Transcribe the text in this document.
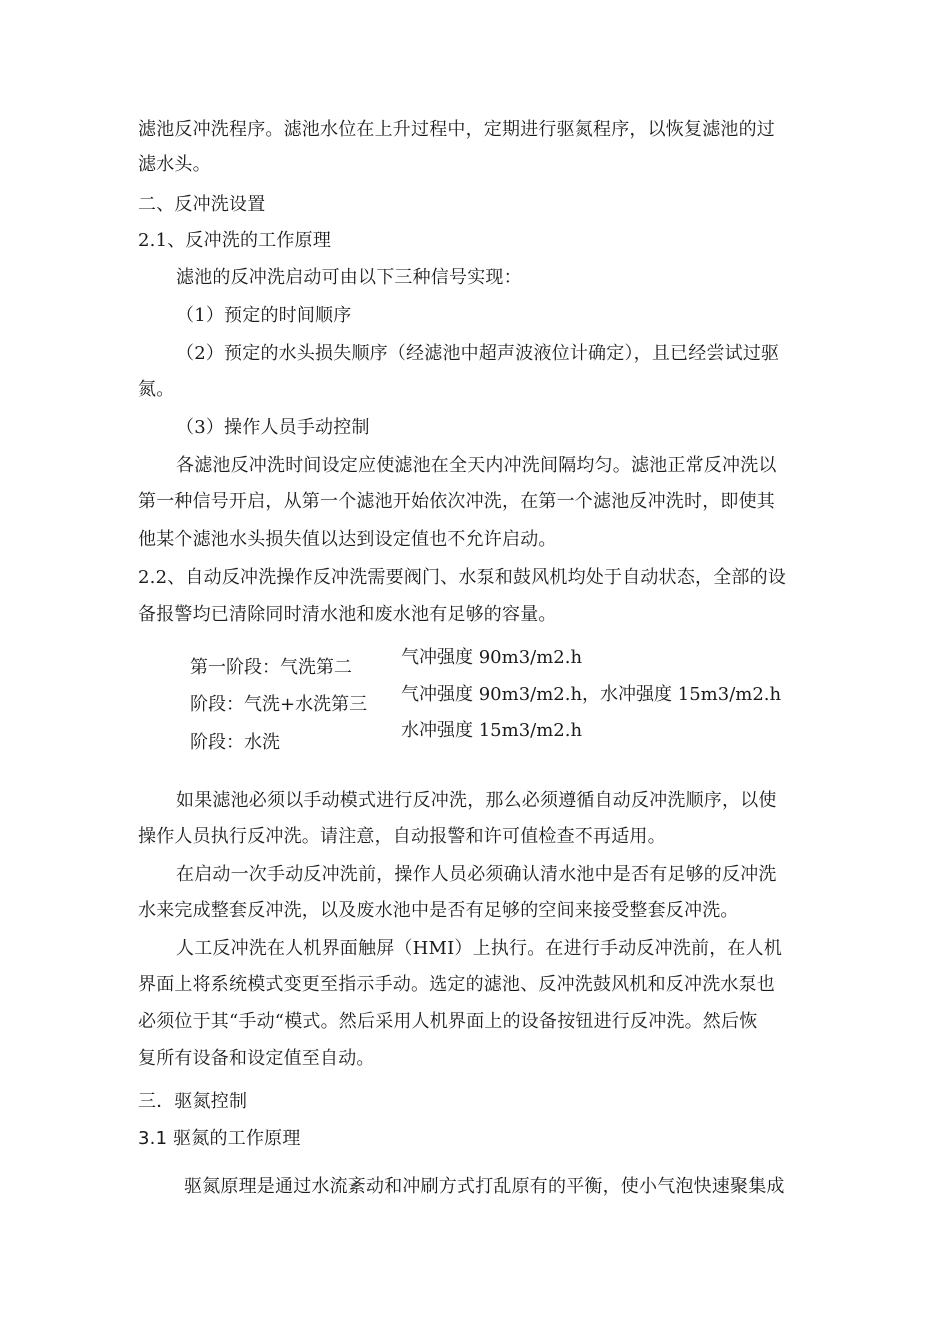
滤池反冲洗程序。滤池水位在上升过程中，定期进行驱氮程序，以恢复滤池的过
滤水头。
二、反冲洗设置
2.1、反冲洗的工作原理
滤池的反冲洗启动可由以下三种信号实现：
（1）预定的时间顺序
（2）预定的水头损失顺序（经滤池中超声波液位计确定），且已经尝试过驱
氮。
（3）操作人员手动控制
各滤池反冲洗时间设定应使滤池在全天内冲洗间隔均匀。滤池正常反冲洗以
第一种信号开启，从第一个滤池开始依次冲洗，在第一个滤池反冲洗时，即使其
他某个滤池水头损失值以达到设定值也不允许启动。
2.2、自动反冲洗操作反冲洗需要阀门、水泵和鼓风机均处于自动状态，全部的设
备报警均已清除同时清水池和废水池有足够的容量。
第一阶段：气洗第二
阶段：气洗+水洗第三
阶段：水洗
气冲强度 90m3/m2.h
气冲强度 90m3/m2.h，水冲强度 15m3/m2.h
水冲强度 15m3/m2.h
如果滤池必须以手动模式进行反冲洗，那么必须遵循自动反冲洗顺序，以使
操作人员执行反冲洗。请注意，自动报警和许可值检查不再适用。
在启动一次手动反冲洗前，操作人员必须确认清水池中是否有足够的反冲洗
水来完成整套反冲洗，以及废水池中是否有足够的空间来接受整套反冲洗。
人工反冲洗在人机界面触屏（HMI）上执行。在进行手动反冲洗前，在人机
界面上将系统模式变更至指示手动。选定的滤池、反冲洗鼓风机和反冲洗水泵也
必须位于其“手动“模式。然后采用人机界面上的设备按钮进行反冲洗。然后恢
复所有设备和设定值至自动。
三．驱氮控制
3.1 驱氮的工作原理
驱氮原理是通过水流紊动和冲刷方式打乱原有的平衡，使小气泡快速聚集成
